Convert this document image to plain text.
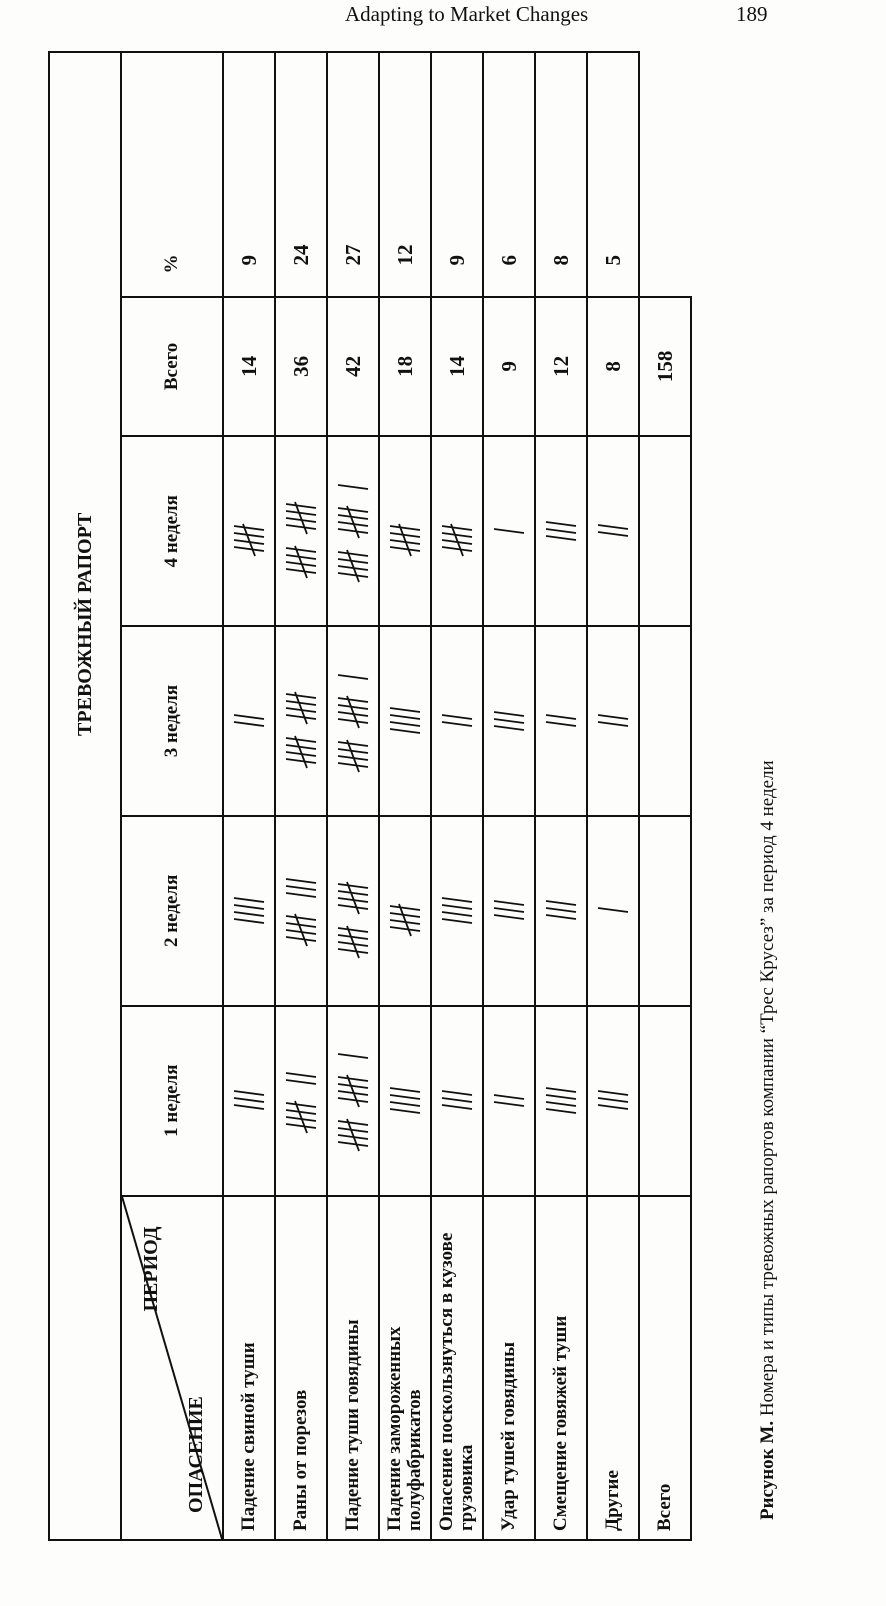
Adapting to Market Changes	189
	ТРЕВОЖНЫЙ РАПОРТ					

ПЕРИОД
ОПАСЕНИЕ	1 неделя	2 неделя	3 неделя	4 неделя	Всего	%
Падение свиной туши					14	9
Раны от порезов					36	24
Падение туши говядины					42	27
Падение замороженных полуфабрикатов					18	12
Опасение поскользнуться в кузове грузовика					14	9
Удар тушей говядины					9	6
Смещение говяжей туши					12	8
Другие					8	5
Всего					158	
Рисунок М. Номера и типы тревожных рапортов компании “Трес Крусез” за период 4 недели
